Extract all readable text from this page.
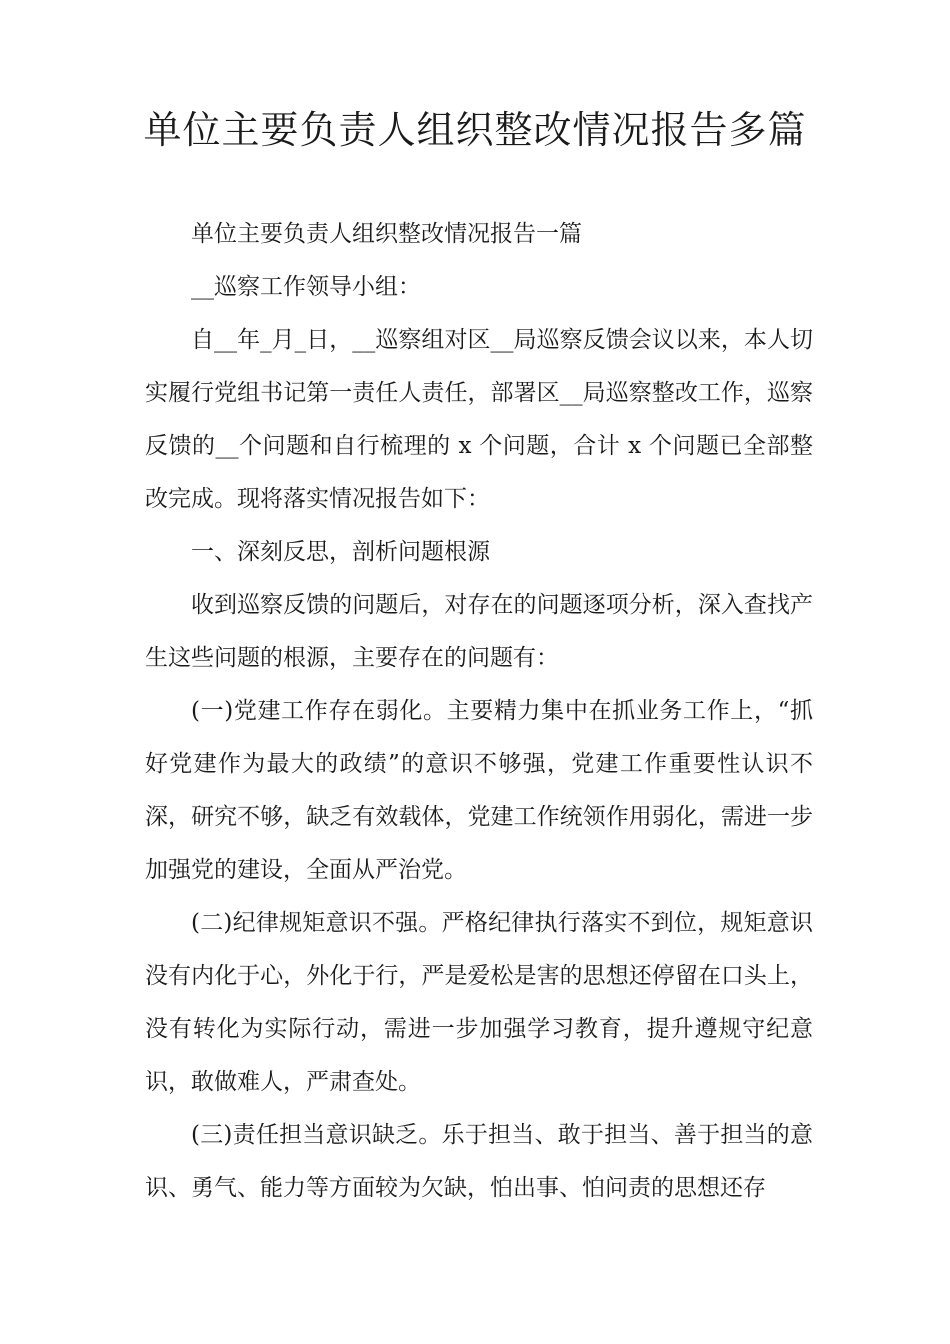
单位主要负责人组织整改情况报告多篇

单位主要负责人组织整改情况报告一篇

__巡察工作领导小组：

自__年_月_日，__巡察组对区__局巡察反馈会议以来，本人切实履行党组书记第一责任人责任，部署区__局巡察整改工作，巡察反馈的__个问题和自行梳理的 x 个问题，合计 x 个问题已全部整改完成。现将落实情况报告如下：

一、深刻反思，剖析问题根源

收到巡察反馈的问题后，对存在的问题逐项分析，深入查找产生这些问题的根源，主要存在的问题有：

(一)党建工作存在弱化。主要精力集中在抓业务工作上，“抓好党建作为最大的政绩”的意识不够强，党建工作重要性认识不深，研究不够，缺乏有效载体，党建工作统领作用弱化，需进一步加强党的建设，全面从严治党。

(二)纪律规矩意识不强。严格纪律执行落实不到位，规矩意识没有内化于心，外化于行，严是爱松是害的思想还停留在口头上，没有转化为实际行动，需进一步加强学习教育，提升遵规守纪意识，敢做难人，严肃查处。

(三)责任担当意识缺乏。乐于担当、敢于担当、善于担当的意识、勇气、能力等方面较为欠缺，怕出事、怕问责的思想还存
